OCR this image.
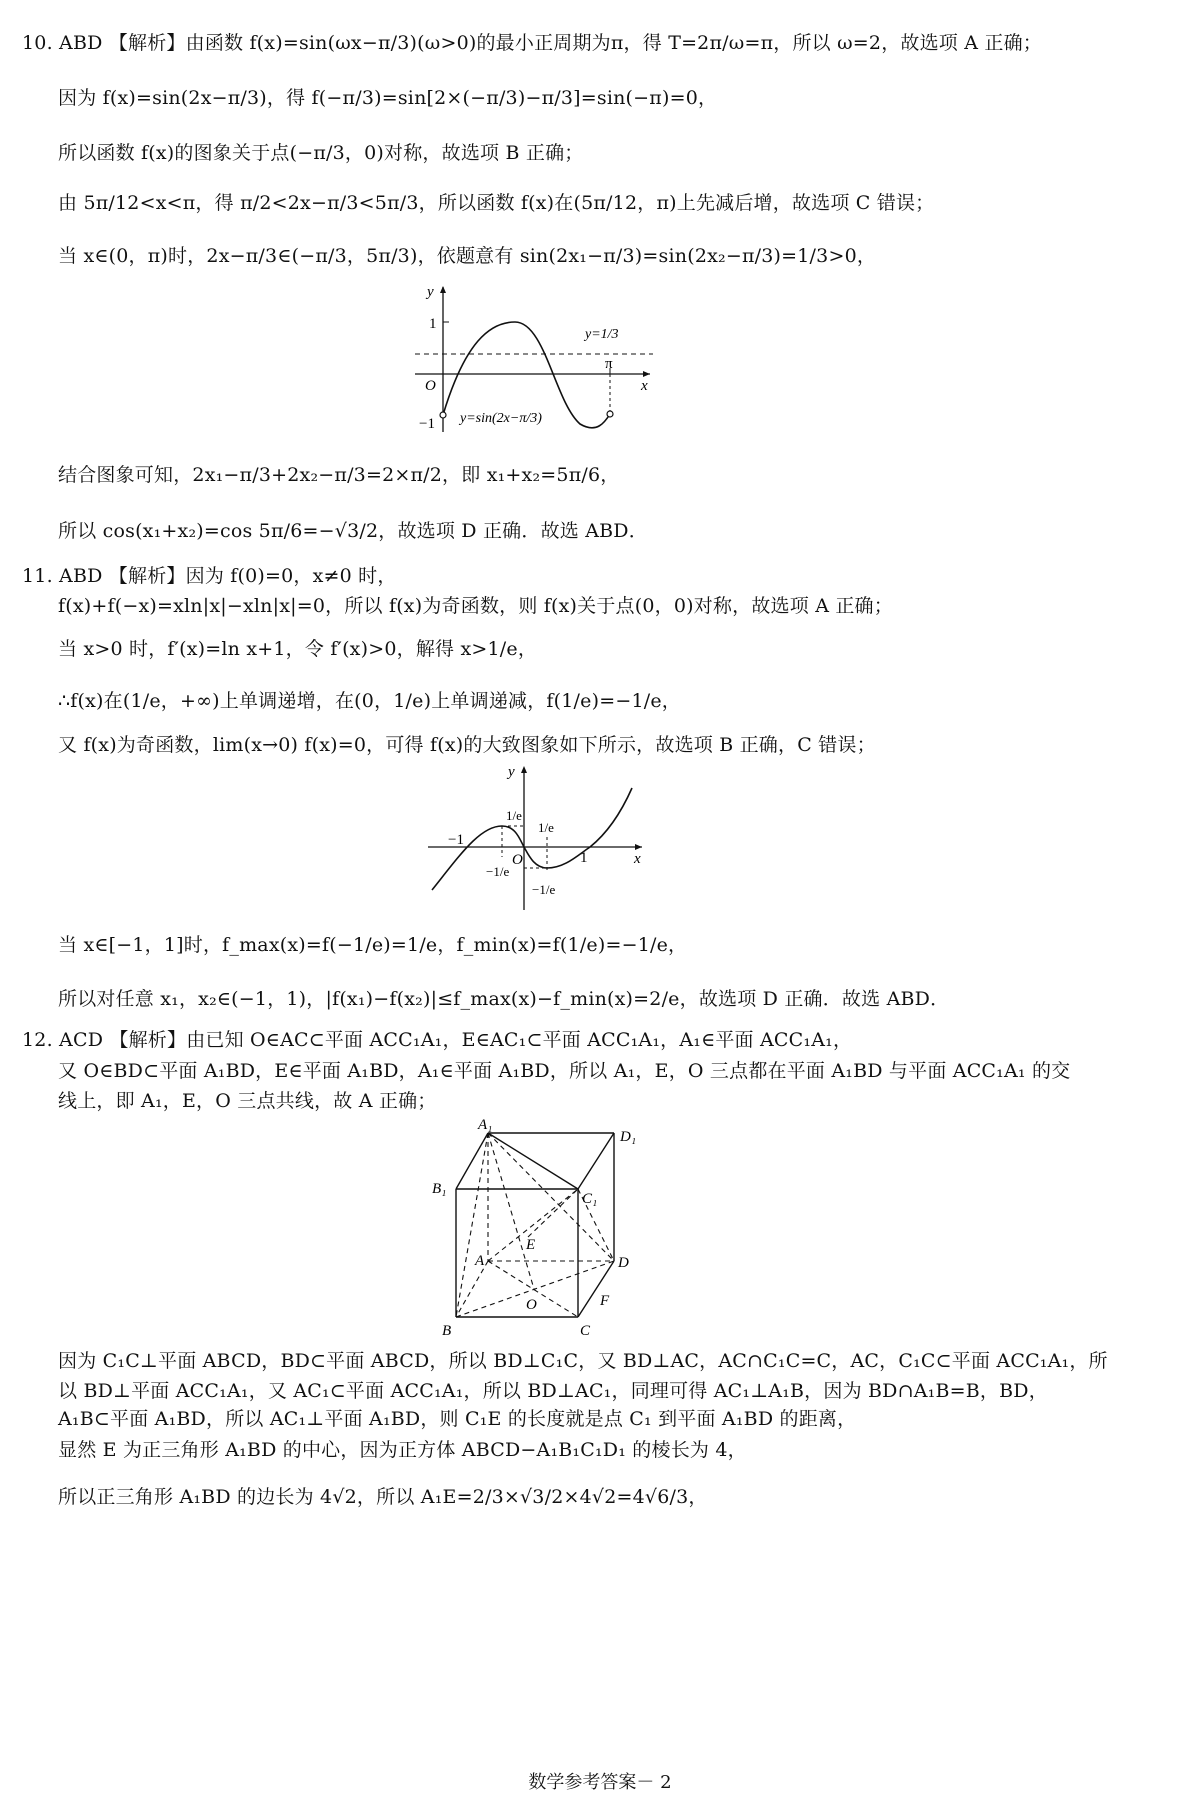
10. ABD 【解析】由函数 f(x)=sin(ωx−π/3)(ω>0)的最小正周期为π，得 T=2π/ω=π，所以 ω=2，故选项 A 正确；
因为 f(x)=sin(2x−π/3)，得 f(−π/3)=sin[2×(−π/3)−π/3]=sin(−π)=0，
所以函数 f(x)的图象关于点(−π/3，0)对称，故选项 B 正确；
由 5π/12<x<π，得 π/2<2x−π/3<5π/3，所以函数 f(x)在(5π/12，π)上先减后增，故选项 C 错误；
当 x∈(0，π)时，2x−π/3∈(−π/3，5π/3)，依题意有 sin(2x₁−π/3)=sin(2x₂−π/3)=1/3>0，
y
1
O
−1
π
x
y=1/3
y=sin(2x−π/3)
结合图象可知，2x₁−π/3+2x₂−π/3=2×π/2，即 x₁+x₂=5π/6，
所以 cos(x₁+x₂)=cos 5π/6=−√3/2，故选项 D 正确．故选 ABD．
11. ABD 【解析】因为 f(0)=0，x≠0 时，
f(x)+f(−x)=xln|x|−xln|x|=0，所以 f(x)为奇函数，则 f(x)关于点(0，0)对称，故选项 A 正确；
当 x>0 时，f′(x)=ln x+1，令 f′(x)>0，解得 x>1/e，
∴f(x)在(1/e，+∞)上单调递增，在(0，1/e)上单调递减，f(1/e)=−1/e，
又 f(x)为奇函数，lim(x→0) f(x)=0，可得 f(x)的大致图象如下所示，故选项 B 正确，C 错误；
y
x
O
−1
1
1/e
1/e
−1/e
−1/e
当 x∈[−1，1]时，f_max(x)=f(−1/e)=1/e，f_min(x)=f(1/e)=−1/e，
所以对任意 x₁，x₂∈(−1，1)，|f(x₁)−f(x₂)|≤f_max(x)−f_min(x)=2/e，故选项 D 正确．故选 ABD．
12. ACD 【解析】由已知 O∈AC⊂平面 ACC₁A₁，E∈AC₁⊂平面 ACC₁A₁，A₁∈平面 ACC₁A₁，
又 O∈BD⊂平面 A₁BD，E∈平面 A₁BD，A₁∈平面 A₁BD，所以 A₁，E，O 三点都在平面 A₁BD 与平面 ACC₁A₁ 的交
线上，即 A₁，E，O 三点共线，故 A 正确；
A₁
D₁
B₁
C₁
A	D
E
O	F
B	C
因为 C₁C⊥平面 ABCD，BD⊂平面 ABCD，所以 BD⊥C₁C，又 BD⊥AC，AC∩C₁C=C，AC，C₁C⊂平面 ACC₁A₁，所
以 BD⊥平面 ACC₁A₁，又 AC₁⊂平面 ACC₁A₁，所以 BD⊥AC₁，同理可得 AC₁⊥A₁B，因为 BD∩A₁B=B，BD，
A₁B⊂平面 A₁BD，所以 AC₁⊥平面 A₁BD，则 C₁E 的长度就是点 C₁ 到平面 A₁BD 的距离，
显然 E 为正三角形 A₁BD 的中心，因为正方体 ABCD−A₁B₁C₁D₁ 的棱长为 4，
所以正三角形 A₁BD 的边长为 4√2，所以 A₁E=2/3×√3/2×4√2=4√6/3，
数学参考答案－ 2
